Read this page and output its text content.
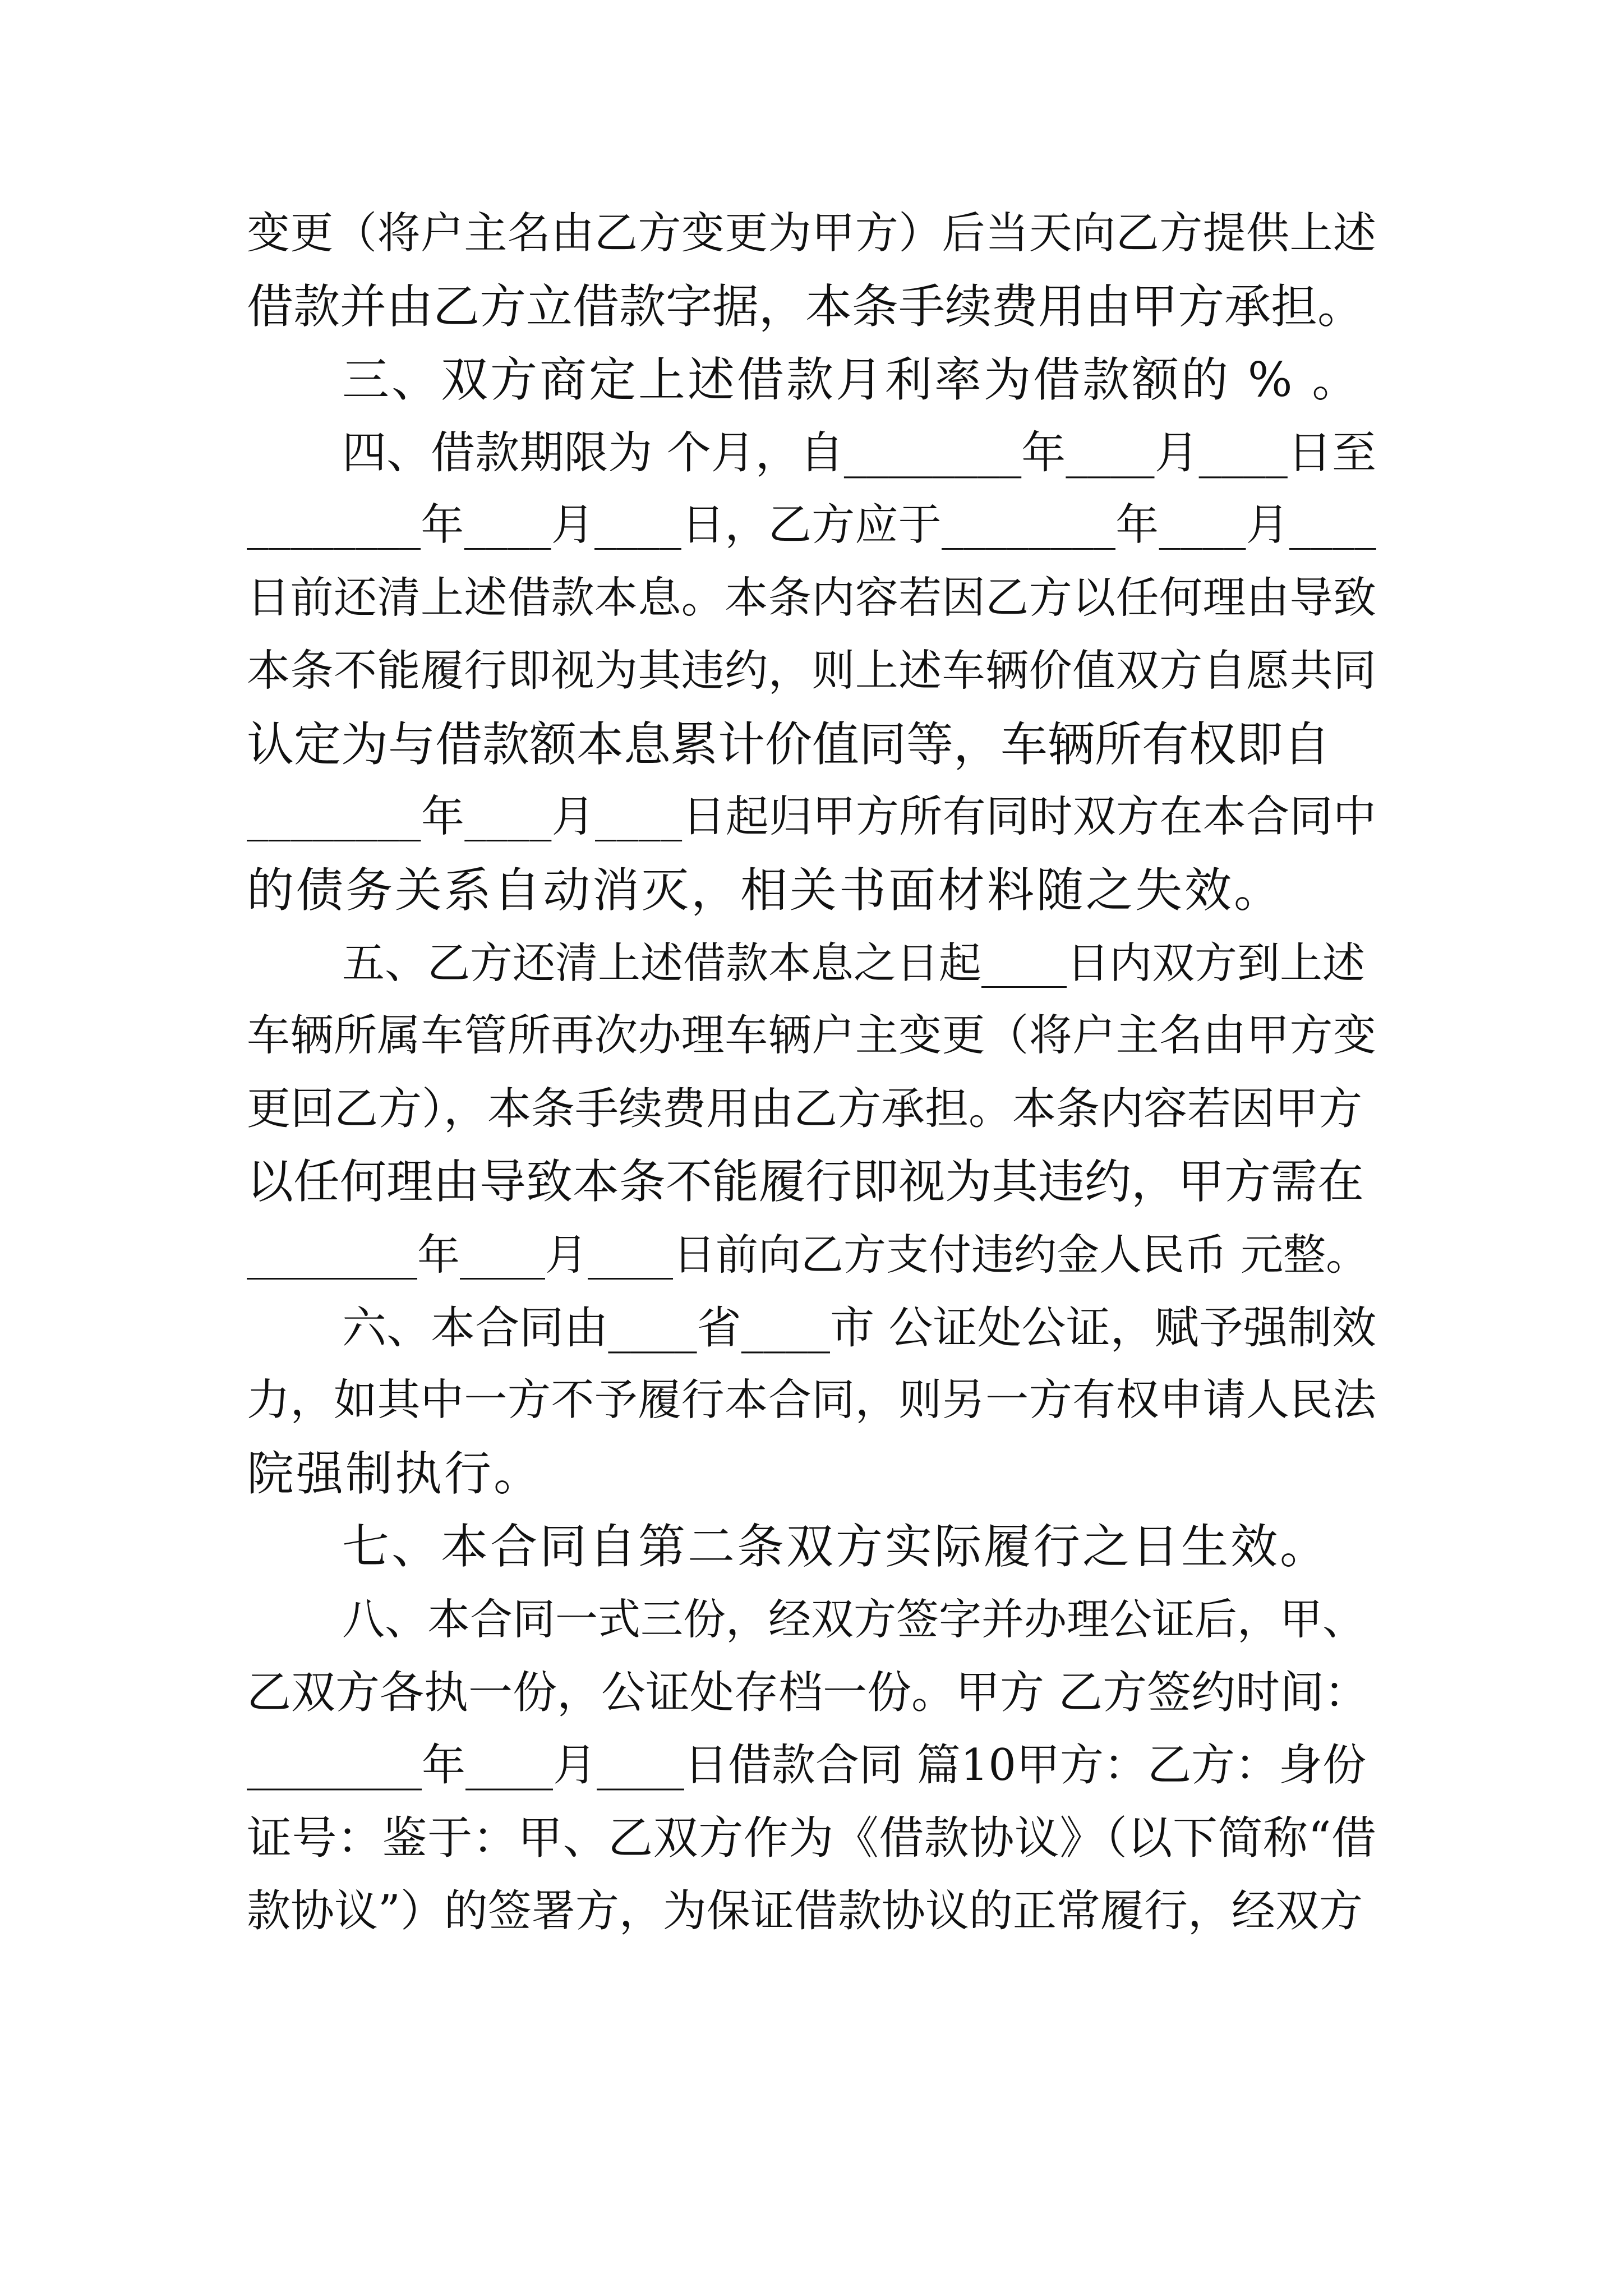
变更（将户主名由乙方变更为甲方）后当天向乙方提供上述

借款并由乙方立借款字据，本条手续费用由甲方承担。

三、双方商定上述借款月利率为借款额的 % 。

四、借款期限为 个月，自________年____月____日至

________年____月____日，乙方应于________年____月____

日前还清上述借款本息。本条内容若因乙方以任何理由导致

本条不能履行即视为其违约，则上述车辆价值双方自愿共同

认定为与借款额本息累计价值同等，车辆所有权即自

________年____月____日起归甲方所有同时双方在本合同中

的债务关系自动消灭，相关书面材料随之失效。

五、乙方还清上述借款本息之日起____日内双方到上述

车辆所属车管所再次办理车辆户主变更（将户主名由甲方变

更回乙方），本条手续费用由乙方承担。本条内容若因甲方

以任何理由导致本条不能履行即视为其违约，甲方需在

________年____月____日前向乙方支付违约金人民币 元整。

六、本合同由____省____市 公证处公证，赋予强制效

力，如其中一方不予履行本合同，则另一方有权申请人民法

院强制执行。

七、本合同自第二条双方实际履行之日生效。

八、本合同一式三份，经双方签字并办理公证后，甲、

乙双方各执一份，公证处存档一份。甲方 乙方签约时间：

________年____月____日借款合同 篇10甲方：乙方：身份

证号：鉴于：甲、乙双方作为《借款协议》（以下简称“借

款协议”）的签署方，为保证借款协议的正常履行，经双方
